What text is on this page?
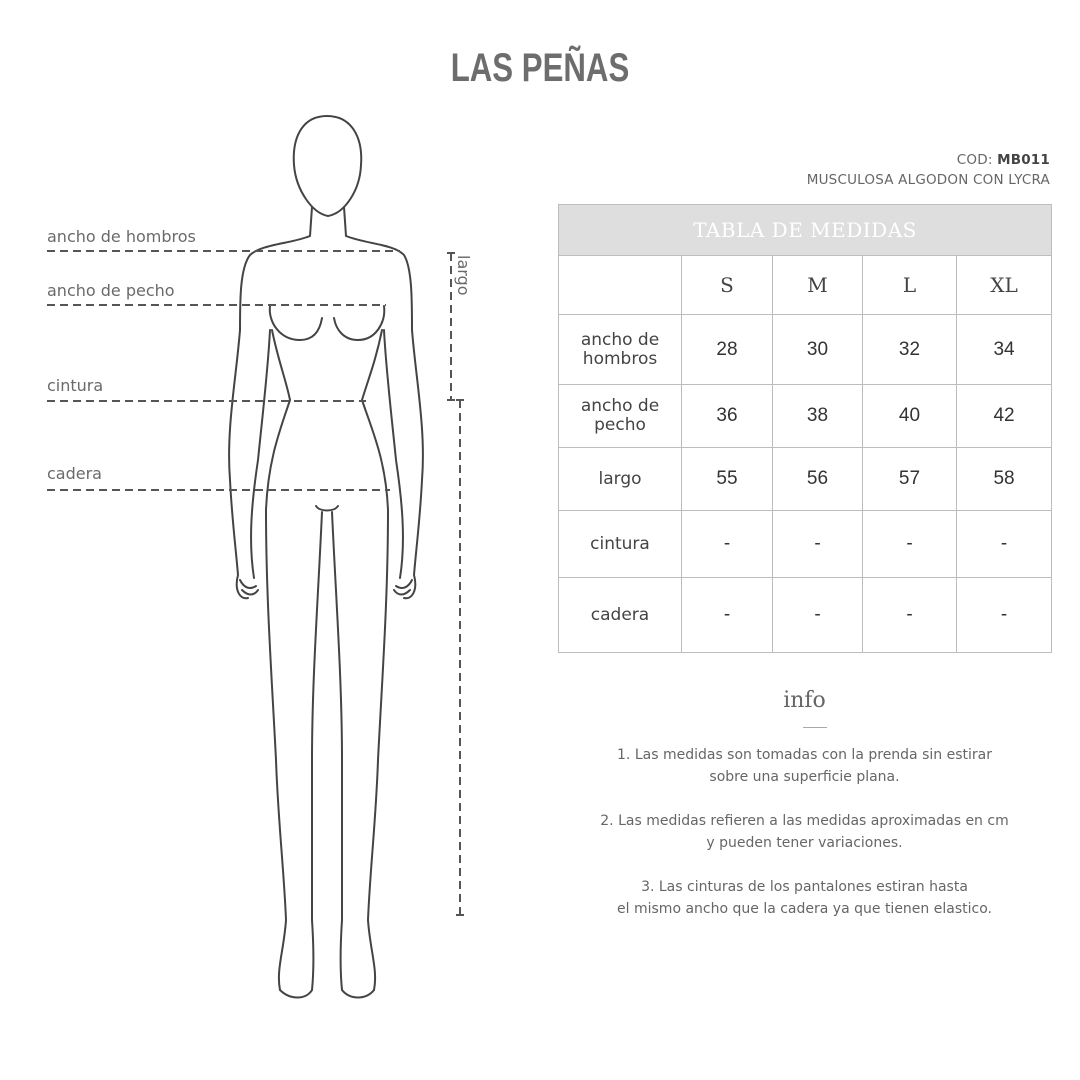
LAS PEÑAS
ancho de hombros
ancho de pecho
cintura
cadera
largo
COD: MB011
MUSCULOSA ALGODON CON LYCRA
TABLA DE MEDIDAS				
	S	M	L	XL

ancho de hombros	28	30	32	34

ancho de pecho	36	38	40	42
largo	55	56	57	58
cintura	-	-	-	-
cadera	-	-	-	-
info
1. Las medidas son tomadas con la prenda sin estirar
sobre una superficie plana.
2. Las medidas refieren a las medidas aproximadas en cm
y pueden tener variaciones.
3. Las cinturas de los pantalones estiran hasta
el mismo ancho que la cadera ya que tienen elastico.
